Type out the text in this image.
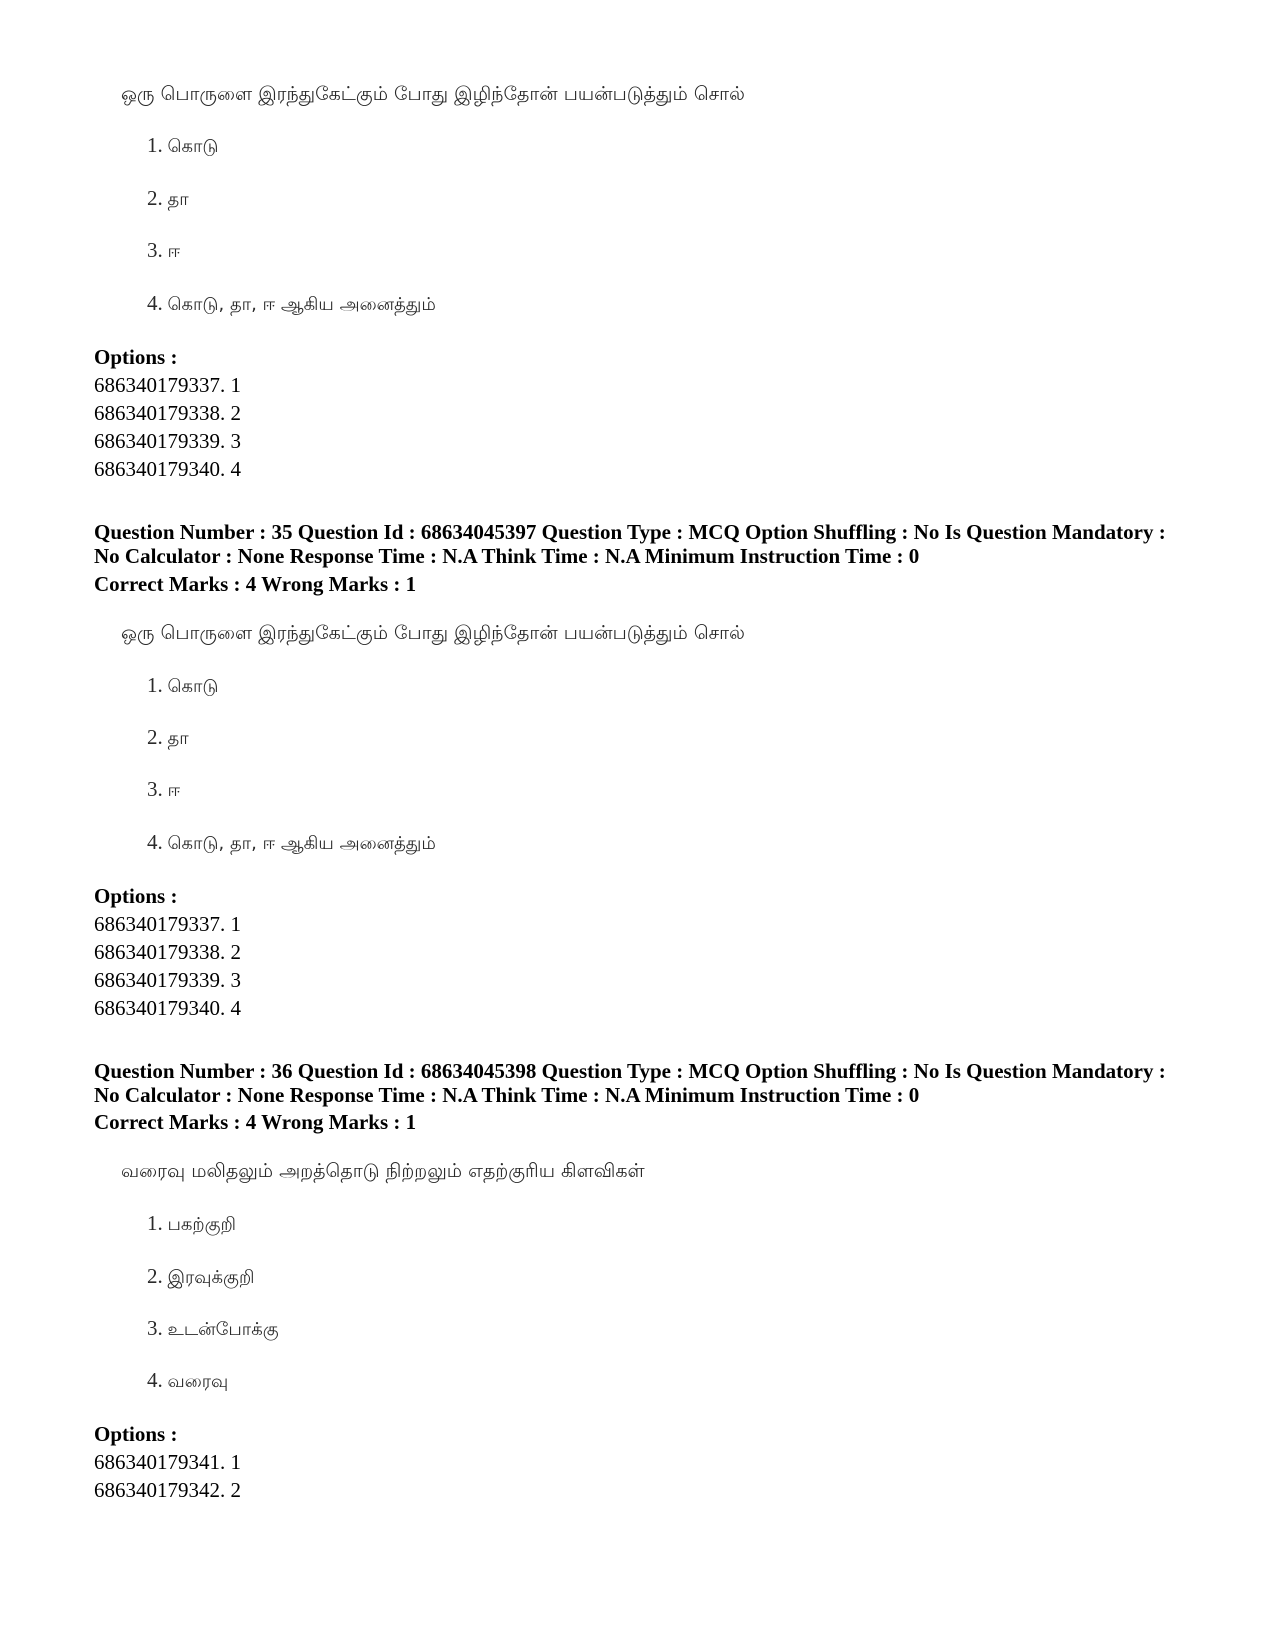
ஒரு பொருளை இரந்துகேட்கும் போது இழிந்தோன் பயன்படுத்தும் சொல்
1. கொடு
2. தா
3. ஈ
4. கொடு, தா, ஈ ஆகிய அனைத்தும்
Options :
686340179337. 1
686340179338. 2
686340179339. 3
686340179340. 4
Question Number : 35 Question Id : 68634045397 Question Type : MCQ Option Shuffling : No Is Question Mandatory :
No Calculator : None Response Time : N.A Think Time : N.A Minimum Instruction Time : 0
Correct Marks : 4 Wrong Marks : 1
ஒரு பொருளை இரந்துகேட்கும் போது இழிந்தோன் பயன்படுத்தும் சொல்
1. கொடு
2. தா
3. ஈ
4. கொடு, தா, ஈ ஆகிய அனைத்தும்
Options :
686340179337. 1
686340179338. 2
686340179339. 3
686340179340. 4
Question Number : 36 Question Id : 68634045398 Question Type : MCQ Option Shuffling : No Is Question Mandatory :
No Calculator : None Response Time : N.A Think Time : N.A Minimum Instruction Time : 0
Correct Marks : 4 Wrong Marks : 1
வரைவு மலிதலும் அறத்தொடு நிற்றலும் எதற்குரிய கிளவிகள்
1. பகற்குறி
2. இரவுக்குறி
3. உடன்போக்கு
4. வரைவு
Options :
686340179341. 1
686340179342. 2
